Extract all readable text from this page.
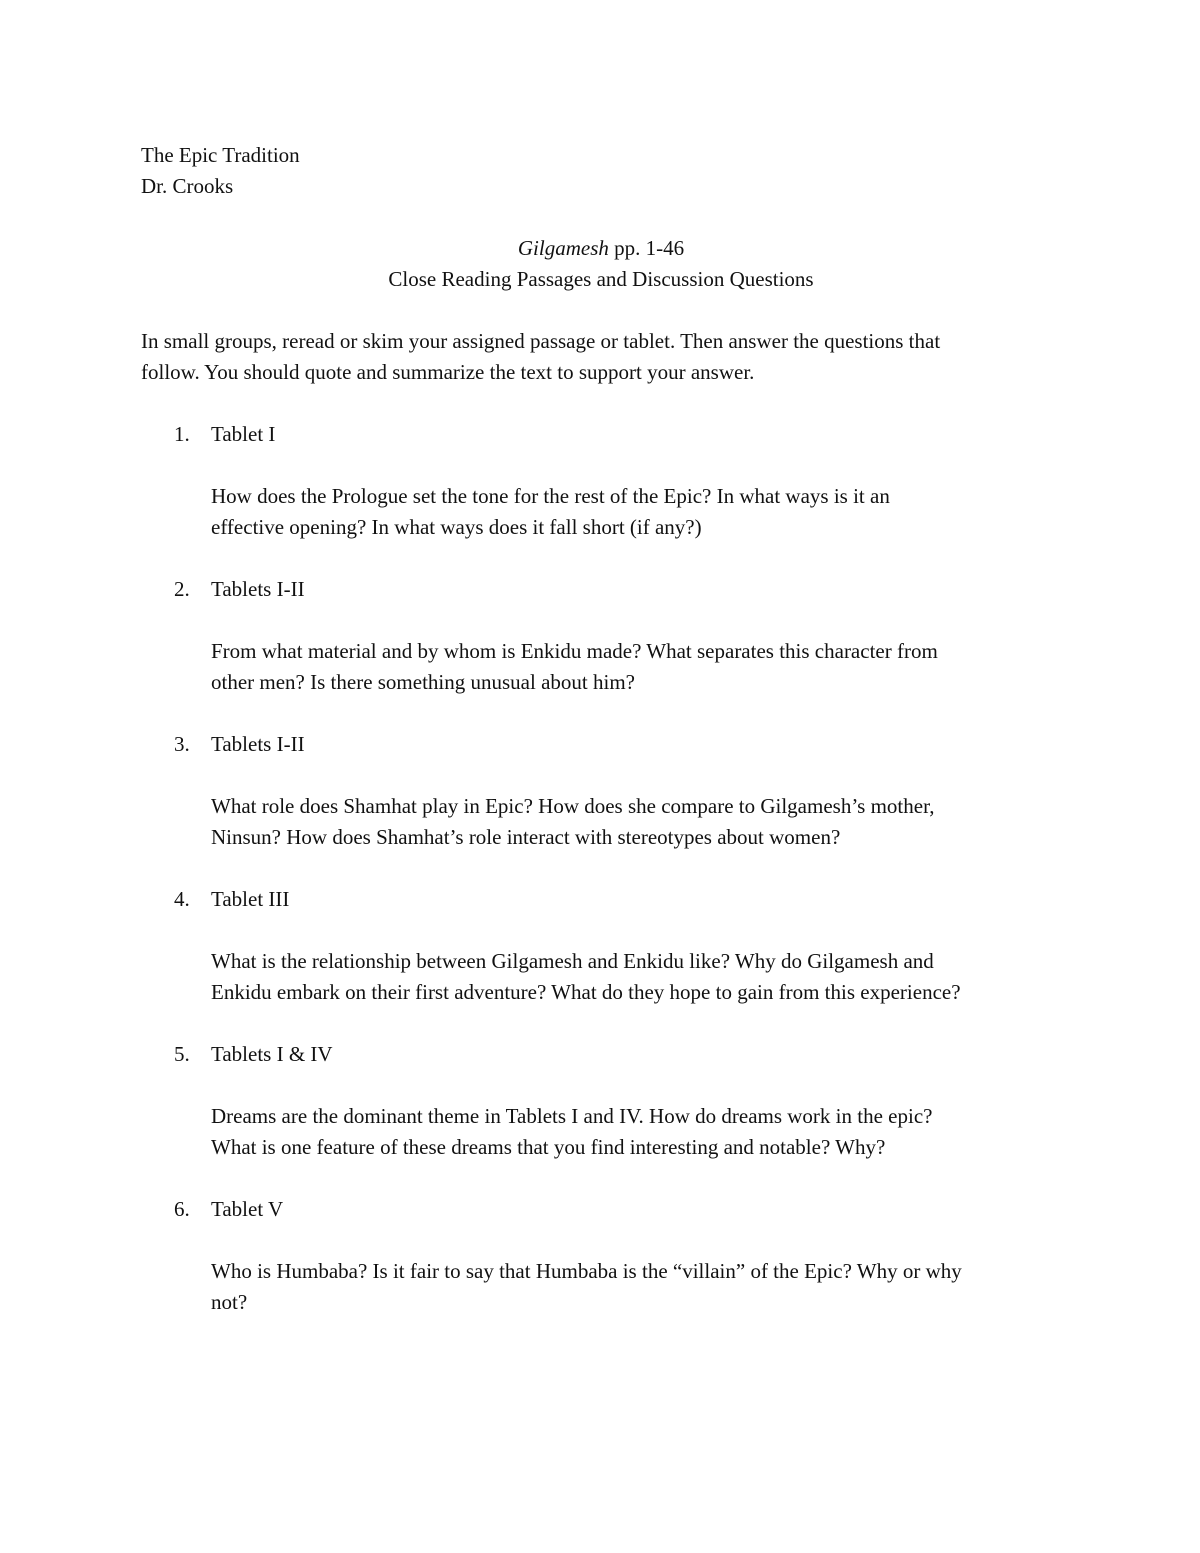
The Epic Tradition
Dr. Crooks
Gilgamesh pp. 1-46
Close Reading Passages and Discussion Questions
In small groups, reread or skim your assigned passage or tablet. Then answer the questions that
follow. You should quote and summarize the text to support your answer.
1.	Tablet I
How does the Prologue set the tone for the rest of the Epic? In what ways is it an
effective opening? In what ways does it fall short (if any?)
2.	Tablets I-II
From what material and by whom is Enkidu made? What separates this character from
other men? Is there something unusual about him?
3.	Tablets I-II
What role does Shamhat play in Epic? How does she compare to Gilgamesh’s mother,
Ninsun? How does Shamhat’s role interact with stereotypes about women?
4.	Tablet III
What is the relationship between Gilgamesh and Enkidu like? Why do Gilgamesh and
Enkidu embark on their first adventure? What do they hope to gain from this experience?
5.	Tablets I & IV
Dreams are the dominant theme in Tablets I and IV. How do dreams work in the epic?
What is one feature of these dreams that you find interesting and notable? Why?
6.	Tablet V
Who is Humbaba? Is it fair to say that Humbaba is the “villain” of the Epic? Why or why
not?
